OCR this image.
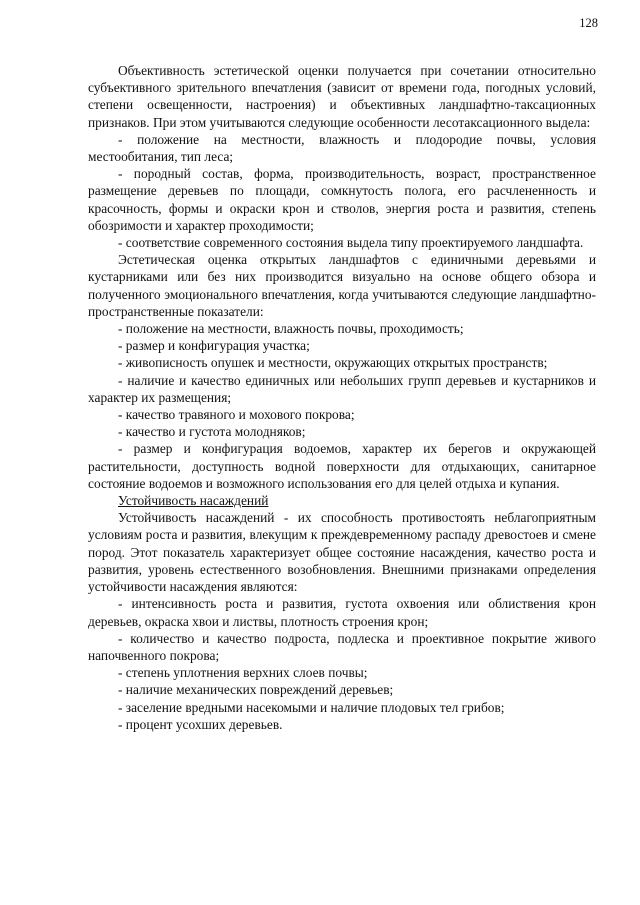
128

Объективность эстетической оценки получается при сочетании относительно субъективного зрительного впечатления (зависит от времени года, погодных условий, степени освещенности, настроения) и объективных ландшафтно-таксационных признаков. При этом учитываются следующие особенности лесотаксационного выдела:

- положение на местности, влажность и плодородие почвы, условия местообитания, тип леса;

- породный состав, форма, производительность, возраст, пространственное размещение деревьев по площади, сомкнутость полога, его расчлененность и красочность, формы и окраски крон и стволов, энергия роста и развития, степень обозримости и характер проходимости;

- соответствие современного состояния выдела типу проектируемого ландшафта.

Эстетическая оценка открытых ландшафтов с единичными деревьями и кустарниками или без них производится визуально на основе общего обзора и полученного эмоционального впечатления, когда учитываются следующие ландшафтно-пространственные показатели:

- положение на местности, влажность почвы, проходимость;

- размер и конфигурация участка;

- живописность опушек и местности, окружающих открытых пространств;

- наличие и качество единичных или небольших групп деревьев и кустарников и характер их размещения;

- качество травяного и мохового покрова;

- качество и густота молодняков;

- размер и конфигурация водоемов, характер их берегов и окружающей растительности, доступность водной поверхности для отдыхающих, санитарное состояние водоемов и возможного использования его для целей отдыха и купания.

Устойчивость насаждений

Устойчивость насаждений - их способность противостоять неблагоприятным условиям роста и развития, влекущим к преждевременному распаду древостоев и смене пород. Этот показатель характеризует общее состояние насаждения, качество роста и развития, уровень естественного возобновления. Внешними признаками определения устойчивости насаждения являются:

- интенсивность роста и развития, густота охвоения или облиствения крон деревьев, окраска хвои и листвы, плотность строения крон;

- количество и качество подроста, подлеска и проективное покрытие живого напочвенного покрова;

- степень уплотнения верхних слоев почвы;

- наличие механических повреждений деревьев;

- заселение вредными насекомыми и наличие плодовых тел грибов;

- процент усохших деревьев.
